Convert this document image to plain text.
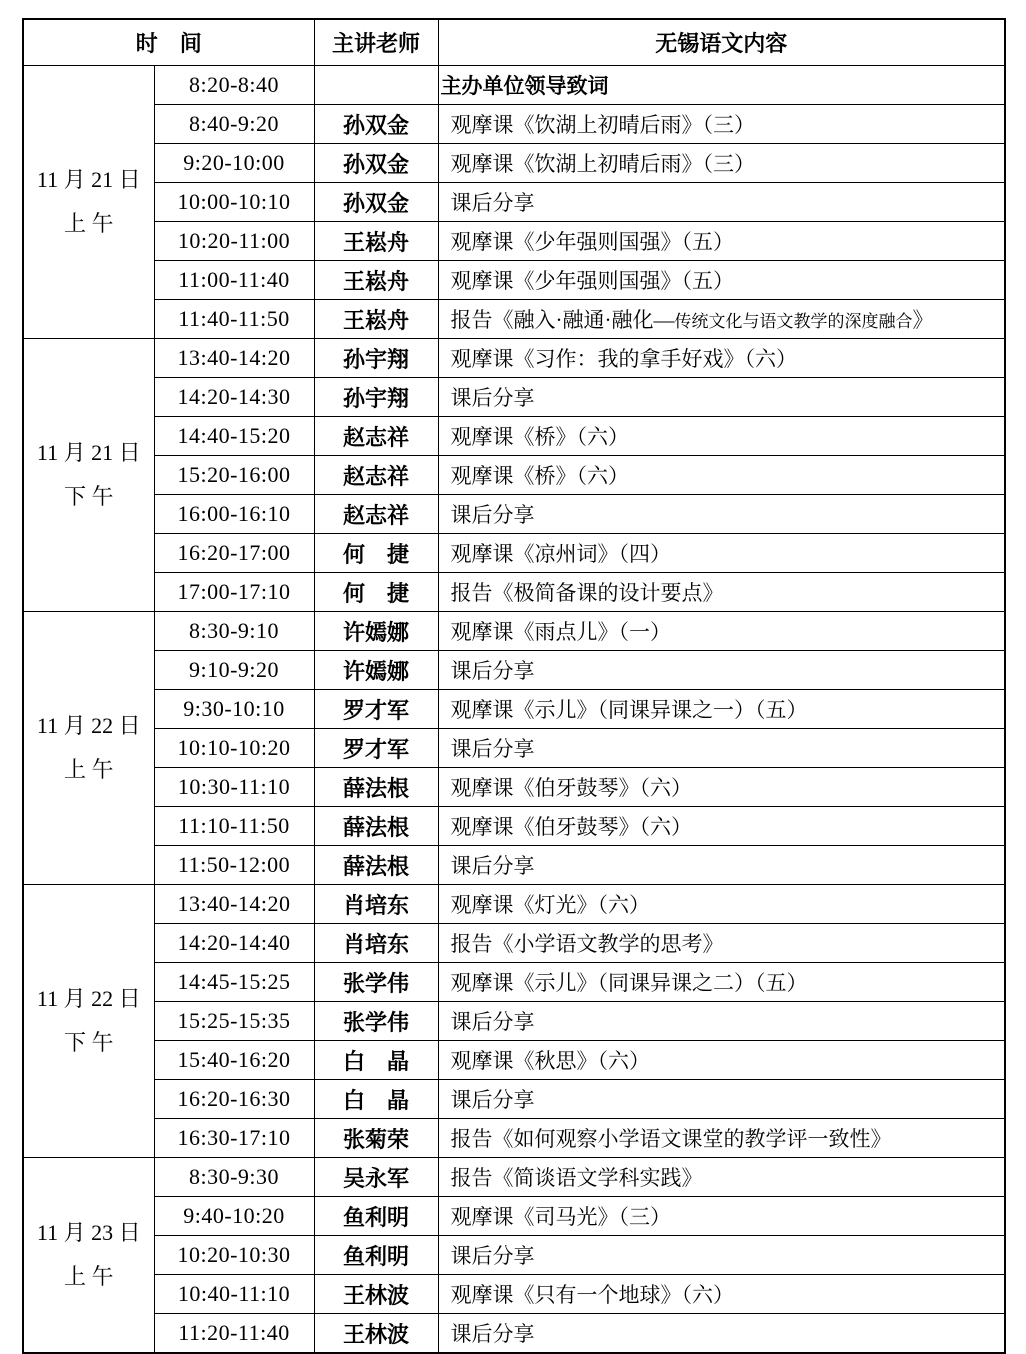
时　间		主讲老师	无锡语文内容

11 月 21 日
上 午	8:20-8:40		主办单位领导致词
	8:40-9:20	孙双金	观摩课《饮湖上初晴后雨》（三）
	9:20-10:00	孙双金	观摩课《饮湖上初晴后雨》（三）
	10:00-10:10	孙双金	课后分享
	10:20-11:00	王崧舟	观摩课《少年强则国强》（五）
	11:00-11:40	王崧舟	观摩课《少年强则国强》（五）
	11:40-11:50	王崧舟	报告《融入·融通·融化—传统文化与语文教学的深度融合》

11 月 21 日
下 午	13:40-14:20	孙宇翔	观摩课《习作：我的拿手好戏》（六）
	14:20-14:30	孙宇翔	课后分享
	14:40-15:20	赵志祥	观摩课《桥》（六）
	15:20-16:00	赵志祥	观摩课《桥》（六）
	16:00-16:10	赵志祥	课后分享
	16:20-17:00	何　捷	观摩课《凉州词》（四）
	17:00-17:10	何　捷	报告《极简备课的设计要点》

11 月 22 日
上 午	8:30-9:10	许嫣娜	观摩课《雨点儿》（一）
	9:10-9:20	许嫣娜	课后分享
	9:30-10:10	罗才军	观摩课《示儿》（同课异课之一）（五）
	10:10-10:20	罗才军	课后分享
	10:30-11:10	薛法根	观摩课《伯牙鼓琴》（六）
	11:10-11:50	薛法根	观摩课《伯牙鼓琴》（六）
	11:50-12:00	薛法根	课后分享

11 月 22 日
下 午	13:40-14:20	肖培东	观摩课《灯光》（六）
	14:20-14:40	肖培东	报告《小学语文教学的思考》
	14:45-15:25	张学伟	观摩课《示儿》（同课异课之二）（五）
	15:25-15:35	张学伟	课后分享
	15:40-16:20	白　晶	观摩课《秋思》（六）
	16:20-16:30	白　晶	课后分享
	16:30-17:10	张菊荣	报告《如何观察小学语文课堂的教学评一致性》

11 月 23 日
上 午	8:30-9:30	吴永军	报告《简谈语文学科实践》
	9:40-10:20	鱼利明	观摩课《司马光》（三）
	10:20-10:30	鱼利明	课后分享
	10:40-11:10	王林波	观摩课《只有一个地球》（六）
	11:20-11:40	王林波	课后分享
